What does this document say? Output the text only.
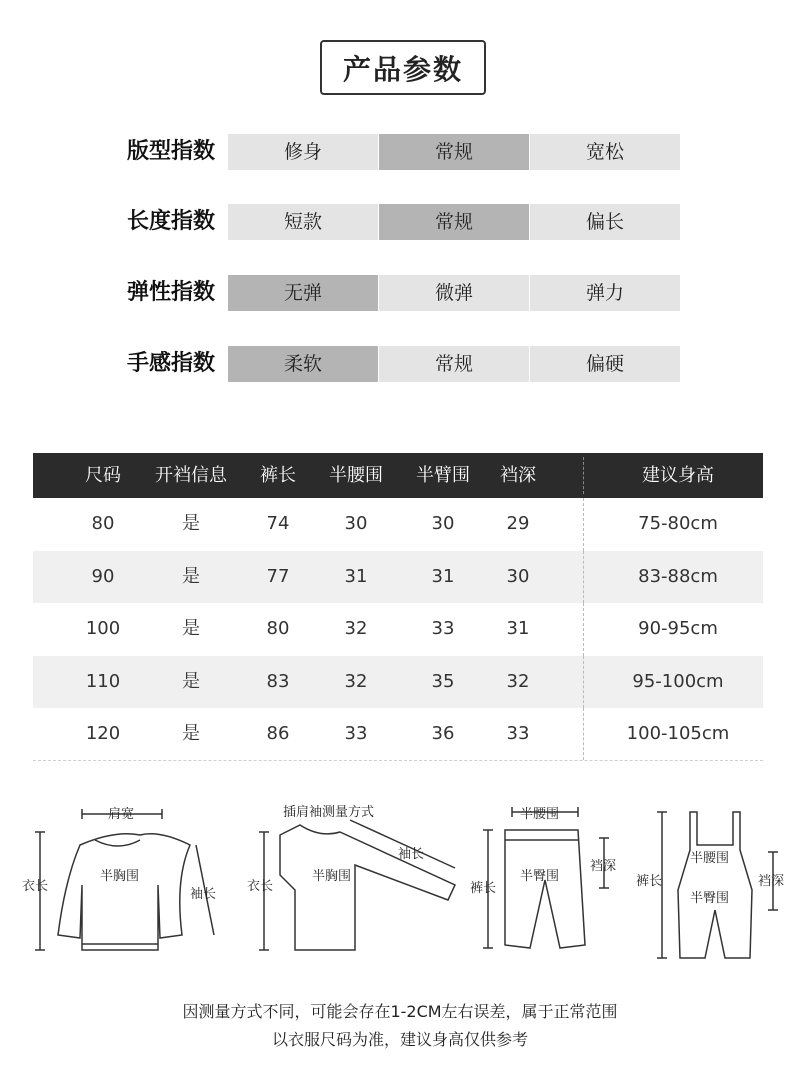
产品参数
版型指数	修身	常规	宽松
长度指数	短款	常规	偏长
弹性指数	无弹	微弹	弹力
手感指数	柔软	常规	偏硬
尺码	开裆信息	裤长	半腰围	半臂围	裆深	建议身高
80	是	74	30	30	29	75-80cm
90	是	77	31	31	30	83-88cm
100	是	80	32	33	31	90-95cm
110	是	83	32	35	32	95-100cm
120	是	86	33	36	33	100-105cm
肩宽
衣长
半胸围
袖长
插肩袖测量方式
袖长
衣长
半胸围
半腰围
裤长
半臀围
裆深
半腰围
裤长
半臀围
裆深
因测量方式不同，可能会存在1-2CM左右误差，属于正常范围
以衣服尺码为准，建议身高仅供参考
